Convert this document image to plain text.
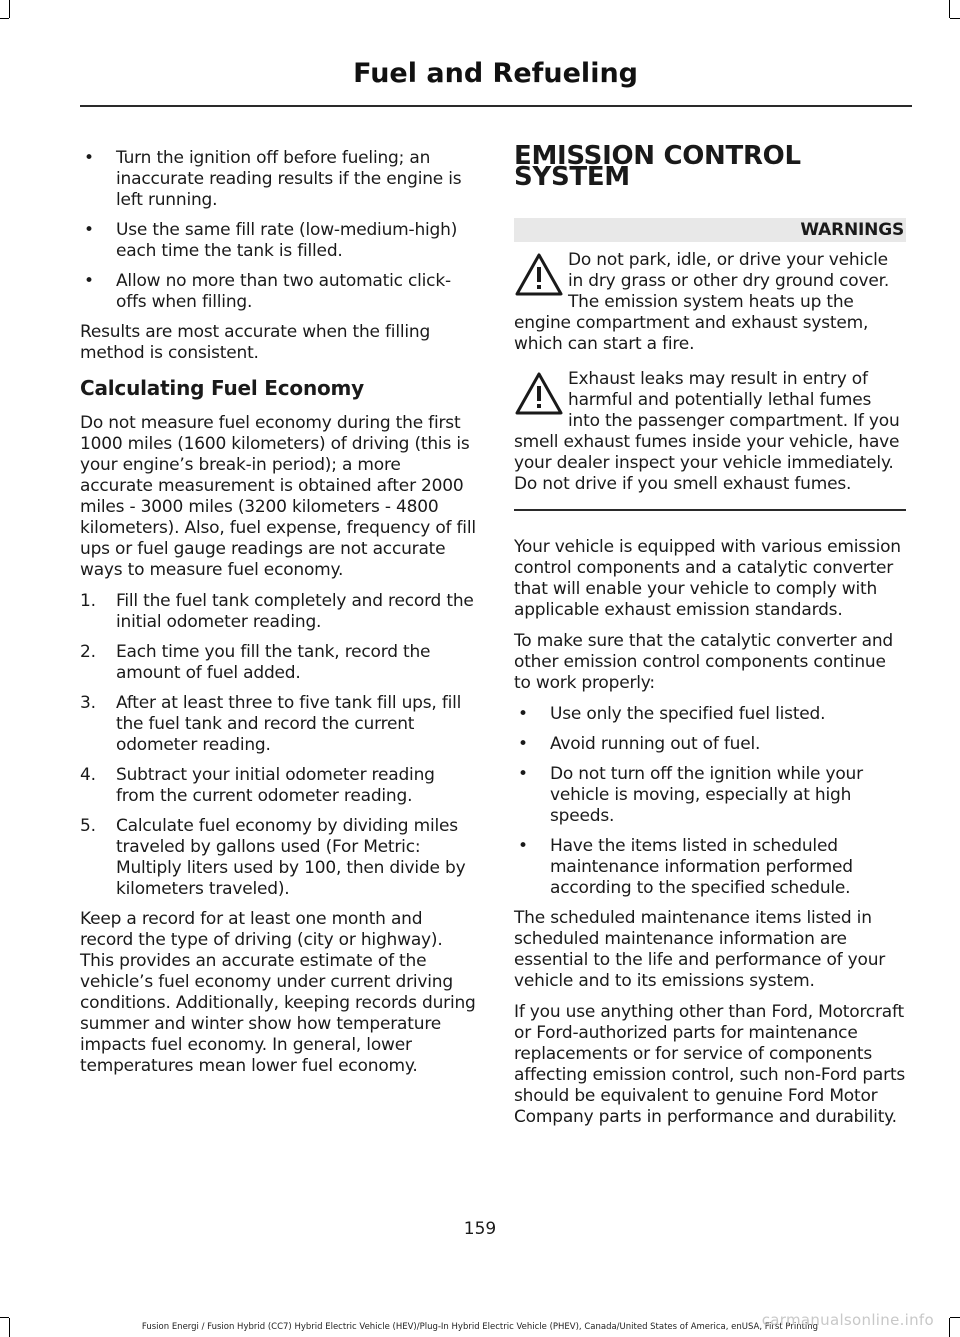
Fuel and Refueling
• Turn the ignition off before fueling; an inaccurate reading results if the engine is left running.
• Use the same fill rate (low-medium-high) each time the tank is filled.
• Allow no more than two automatic click-offs when filling.

Results are most accurate when the filling method is consistent.

Calculating Fuel Economy

Do not measure fuel economy during the first 1000 miles (1600 kilometers) of driving (this is your engine’s break-in period); a more accurate measurement is obtained after 2000 miles - 3000 miles (3200 kilometers - 4800 kilometers). Also, fuel expense, frequency of fill ups or fuel gauge readings are not accurate ways to measure fuel economy.

1. Fill the fuel tank completely and record the initial odometer reading.
2. Each time you fill the tank, record the amount of fuel added.
3. After at least three to five tank fill ups, fill the fuel tank and record the current odometer reading.
4. Subtract your initial odometer reading from the current odometer reading.
5. Calculate fuel economy by dividing miles traveled by gallons used (For Metric: Multiply liters used by 100, then divide by kilometers traveled).

Keep a record for at least one month and record the type of driving (city or highway). This provides an accurate estimate of the vehicle’s fuel economy under current driving conditions. Additionally, keeping records during summer and winter show how temperature impacts fuel economy. In general, lower temperatures mean lower fuel economy.

EMISSION CONTROL SYSTEM
WARNINGS
Do not park, idle, or drive your vehicle in dry grass or other dry ground cover. The emission system heats up the engine compartment and exhaust system, which can start a fire.
Exhaust leaks may result in entry of harmful and potentially lethal fumes into the passenger compartment. If you smell exhaust fumes inside your vehicle, have your dealer inspect your vehicle immediately. Do not drive if you smell exhaust fumes.

Your vehicle is equipped with various emission control components and a catalytic converter that will enable your vehicle to comply with applicable exhaust emission standards.

To make sure that the catalytic converter and other emission control components continue to work properly:

• Use only the specified fuel listed.
• Avoid running out of fuel.
• Do not turn off the ignition while your vehicle is moving, especially at high speeds.
• Have the items listed in scheduled maintenance information performed according to the specified schedule.

The scheduled maintenance items listed in scheduled maintenance information are essential to the life and performance of your vehicle and to its emissions system.

If you use anything other than Ford, Motorcraft or Ford-authorized parts for maintenance replacements or for service of components affecting emission control, such non-Ford parts should be equivalent to genuine Ford Motor Company parts in performance and durability.

159
Fusion Energi / Fusion Hybrid (CC7) Hybrid Electric Vehicle (HEV)/Plug-In Hybrid Electric Vehicle (PHEV), Canada/United States of America, enUSA, First Printing
carmanualsonline.info
